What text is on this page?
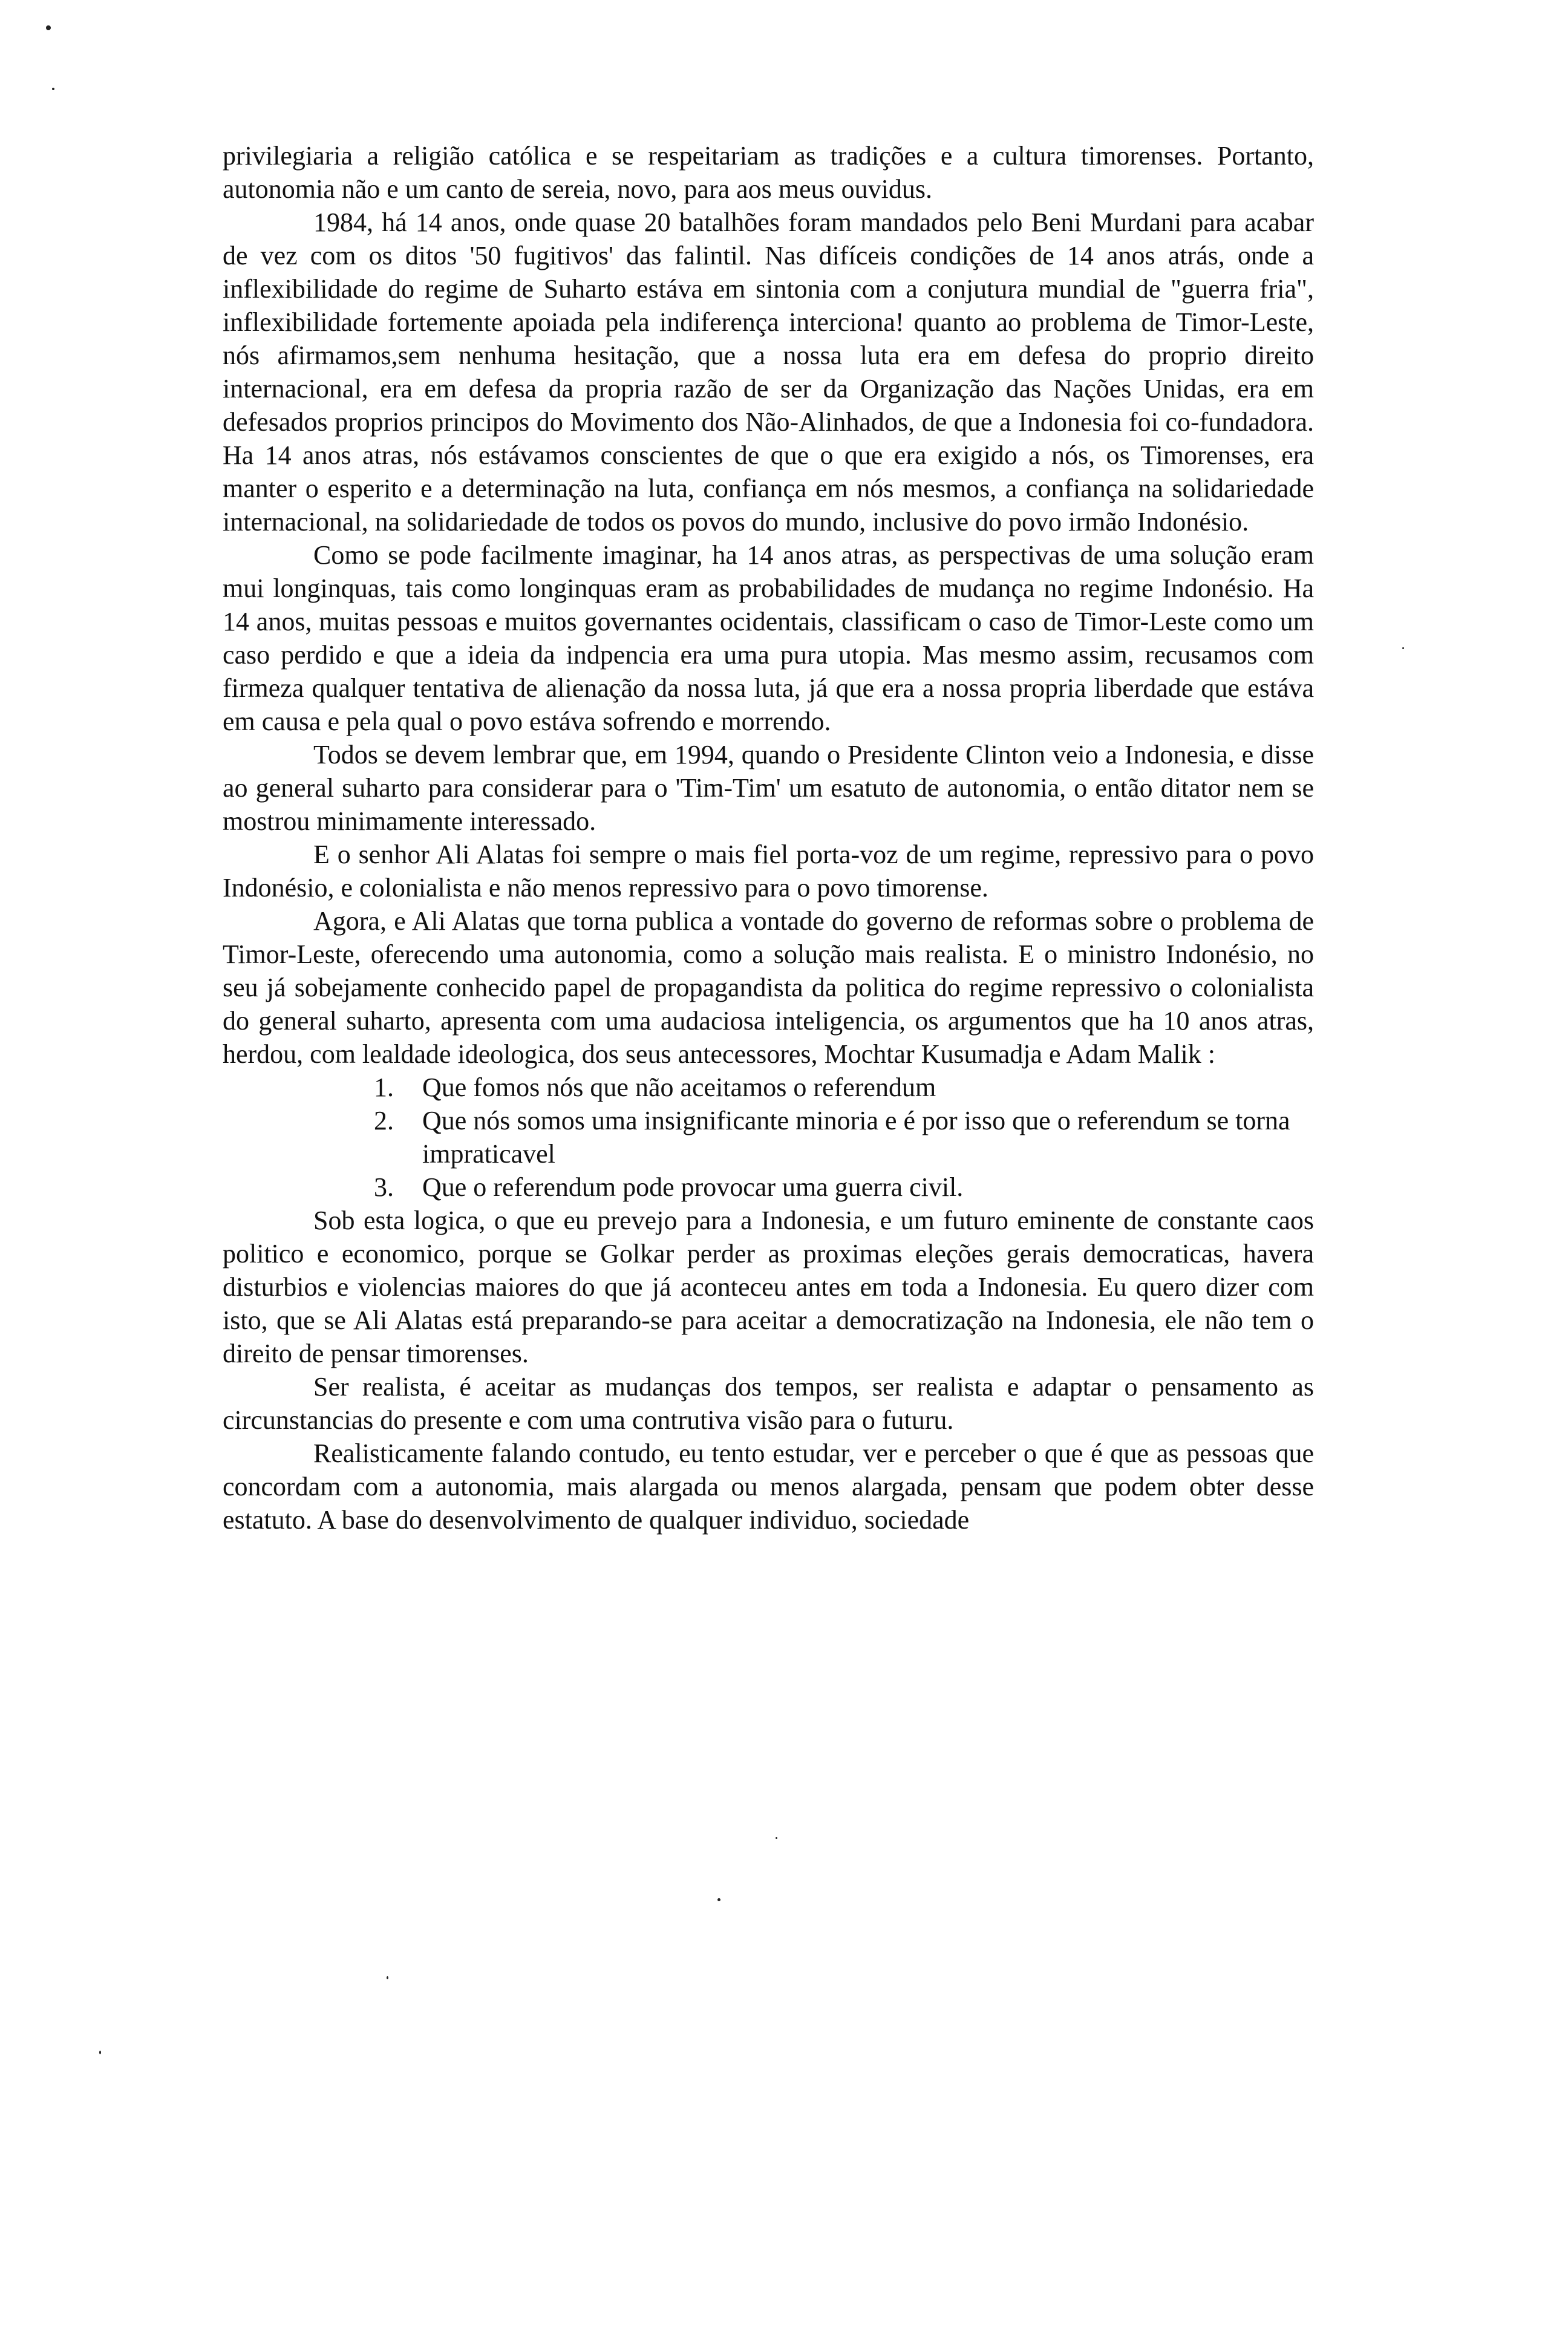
privilegiaria a religião católica e se respeitariam as tradições e a cultura timorenses. Portanto, autonomia não e um canto de sereia, novo, para aos meus ouvidus.

1984, há 14 anos, onde quase 20 batalhões foram mandados pelo Beni Murdani para acabar de vez com os ditos '50 fugitivos' das falintil. Nas difíceis condições de 14 anos atrás, onde a inflexibilidade do regime de Suharto estáva em sintonia com a conjutura mundial de "guerra fria", inflexibilidade fortemente apoiada pela indiferença interciona! quanto ao problema de Timor-Leste, nós afirmamos,sem nenhuma hesitação, que a nossa luta era em defesa do proprio direito internacional, era em defesa da propria razão de ser da Organização das Nações Unidas, era em defesados proprios principos do Movimento dos Não-Alinhados, de que a Indonesia foi co-fundadora. Ha 14 anos atras, nós estávamos conscientes de que o que era exigido a nós, os Timorenses, era manter o esperito e a determinação na luta, confiança em nós mesmos, a confiança na solidariedade internacional, na solidariedade de todos os povos do mundo, inclusive do povo irmão Indonésio.

Como se pode facilmente imaginar, ha 14 anos atras, as perspectivas de uma solução eram mui longinquas, tais como longinquas eram as probabilidades de mudança no regime Indonésio. Ha 14 anos, muitas pessoas e muitos governantes ocidentais, classificam o caso de Timor-Leste como um caso perdido e que a ideia da indpencia era uma pura utopia. Mas mesmo assim, recusamos com firmeza qualquer tentativa de alienação da nossa luta, já que era a nossa propria liberdade que estáva em causa e pela qual o povo estáva sofrendo e morrendo.

Todos se devem lembrar que, em 1994, quando o Presidente Clinton veio a Indonesia, e disse ao general suharto para considerar para o 'Tim-Tim' um esatuto de autonomia, o então ditator nem se mostrou minimamente interessado.

E o senhor Ali Alatas foi sempre o mais fiel porta-voz de um regime, repressivo para o povo Indonésio, e colonialista e não menos repressivo para o povo timorense.

Agora, e Ali Alatas que torna publica a vontade do governo de reformas sobre o problema de Timor-Leste, oferecendo uma autonomia, como a solução mais realista. E o ministro Indonésio, no seu já sobejamente conhecido papel de propagandista da politica do regime repressivo o colonialista do general suharto, apresenta com uma audaciosa inteligencia, os argumentos que ha 10 anos atras, herdou, com lealdade ideologica, dos seus antecessores, Mochtar Kusumadja e Adam Malik :

1. Que fomos nós que não aceitamos o referendum
2. Que nós somos uma insignificante minoria e é por isso que o referendum se torna impraticavel
3. Que o referendum pode provocar uma guerra civil.

Sob esta logica, o que eu prevejo para a Indonesia, e um futuro eminente de constante caos politico e economico, porque se Golkar perder as proximas eleções gerais democraticas, havera disturbios e violencias maiores do que já aconteceu antes em toda a Indonesia. Eu quero dizer com isto, que se Ali Alatas está preparando-se para aceitar a democratização na Indonesia, ele não tem o direito de pensar timorenses.

Ser realista, é aceitar as mudanças dos tempos, ser realista e adaptar o pensamento as circunstancias do presente e com uma contrutiva visão para o futuru.

Realisticamente falando contudo, eu tento estudar, ver e perceber o que é que as pessoas que concordam com a autonomia, mais alargada ou menos alargada, pensam que podem obter desse estatuto. A base do desenvolvimento de qualquer individuo, sociedade
